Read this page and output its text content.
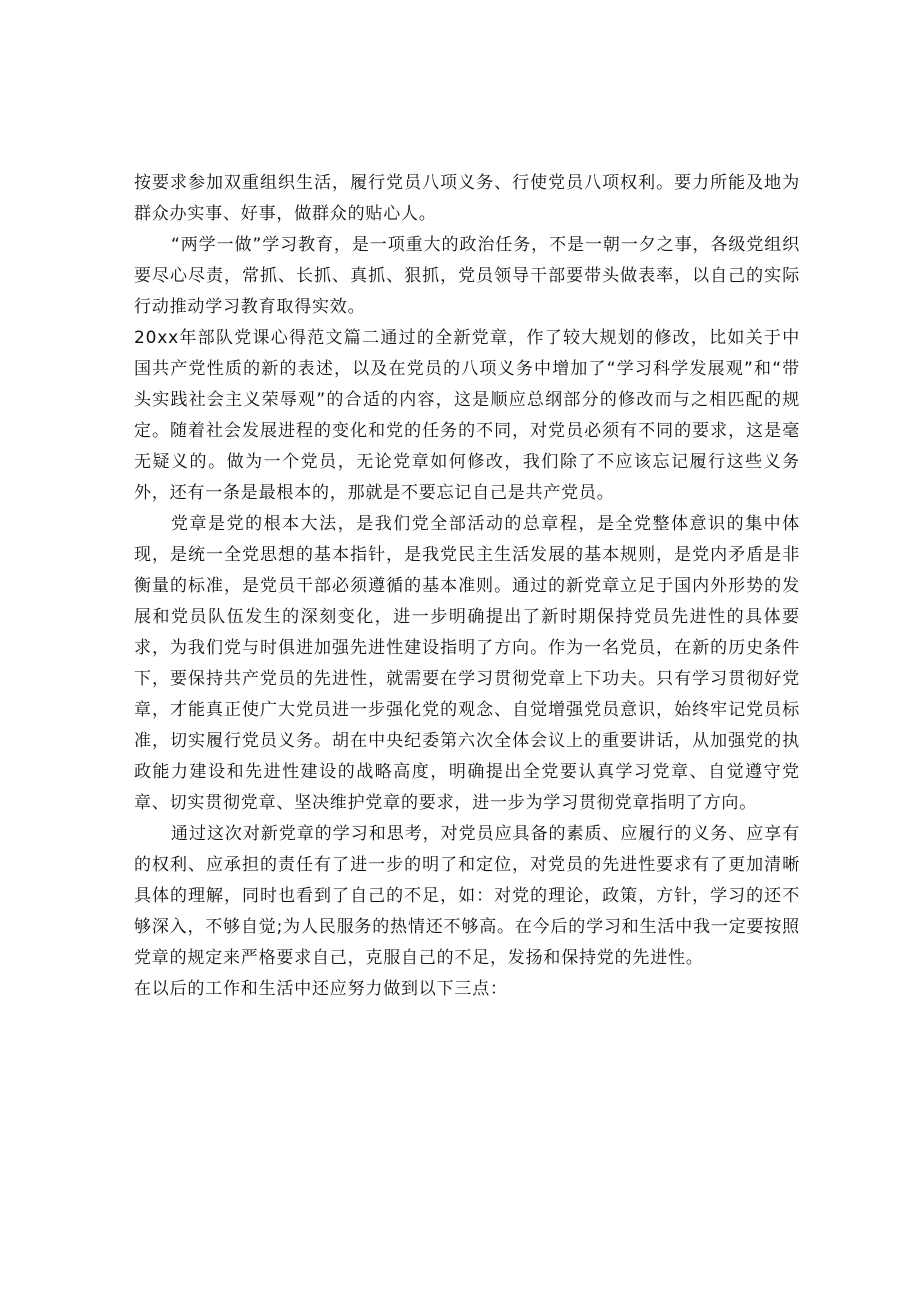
按要求参加双重组织生活，履行党员八项义务、行使党员八项权利。要力所能及地为群众办实事、好事，做群众的贴心人。

“两学一做”学习教育，是一项重大的政治任务，不是一朝一夕之事，各级党组织要尽心尽责，常抓、长抓、真抓、狠抓，党员领导干部要带头做表率，以自己的实际行动推动学习教育取得实效。

20xx年部队党课心得范文篇二通过的全新党章，作了较大规划的修改，比如关于中国共产党性质的新的表述，以及在党员的八项义务中增加了“学习科学发展观”和“带头实践社会主义荣辱观”的合适的内容，这是顺应总纲部分的修改而与之相匹配的规定。随着社会发展进程的变化和党的任务的不同，对党员必须有不同的要求，这是毫无疑义的。做为一个党员，无论党章如何修改，我们除了不应该忘记履行这些义务外，还有一条是最根本的，那就是不要忘记自己是共产党员。

党章是党的根本大法，是我们党全部活动的总章程，是全党整体意识的集中体现，是统一全党思想的基本指针，是我党民主生活发展的基本规则，是党内矛盾是非衡量的标准，是党员干部必须遵循的基本准则。通过的新党章立足于国内外形势的发展和党员队伍发生的深刻变化，进一步明确提出了新时期保持党员先进性的具体要求，为我们党与时俱进加强先进性建设指明了方向。作为一名党员，在新的历史条件下，要保持共产党员的先进性，就需要在学习贯彻党章上下功夫。只有学习贯彻好党章，才能真正使广大党员进一步强化党的观念、自觉增强党员意识，始终牢记党员标准，切实履行党员义务。胡在中央纪委第六次全体会议上的重要讲话，从加强党的执政能力建设和先进性建设的战略高度，明确提出全党要认真学习党章、自觉遵守党章、切实贯彻党章、坚决维护党章的要求，进一步为学习贯彻党章指明了方向。

通过这次对新党章的学习和思考，对党员应具备的素质、应履行的义务、应享有的权利、应承担的责任有了进一步的明了和定位，对党员的先进性要求有了更加清晰具体的理解，同时也看到了自己的不足，如：对党的理论，政策，方针，学习的还不够深入，不够自觉;为人民服务的热情还不够高。在今后的学习和生活中我一定要按照党章的规定来严格要求自己，克服自己的不足，发扬和保持党的先进性。

在以后的工作和生活中还应努力做到以下三点：
